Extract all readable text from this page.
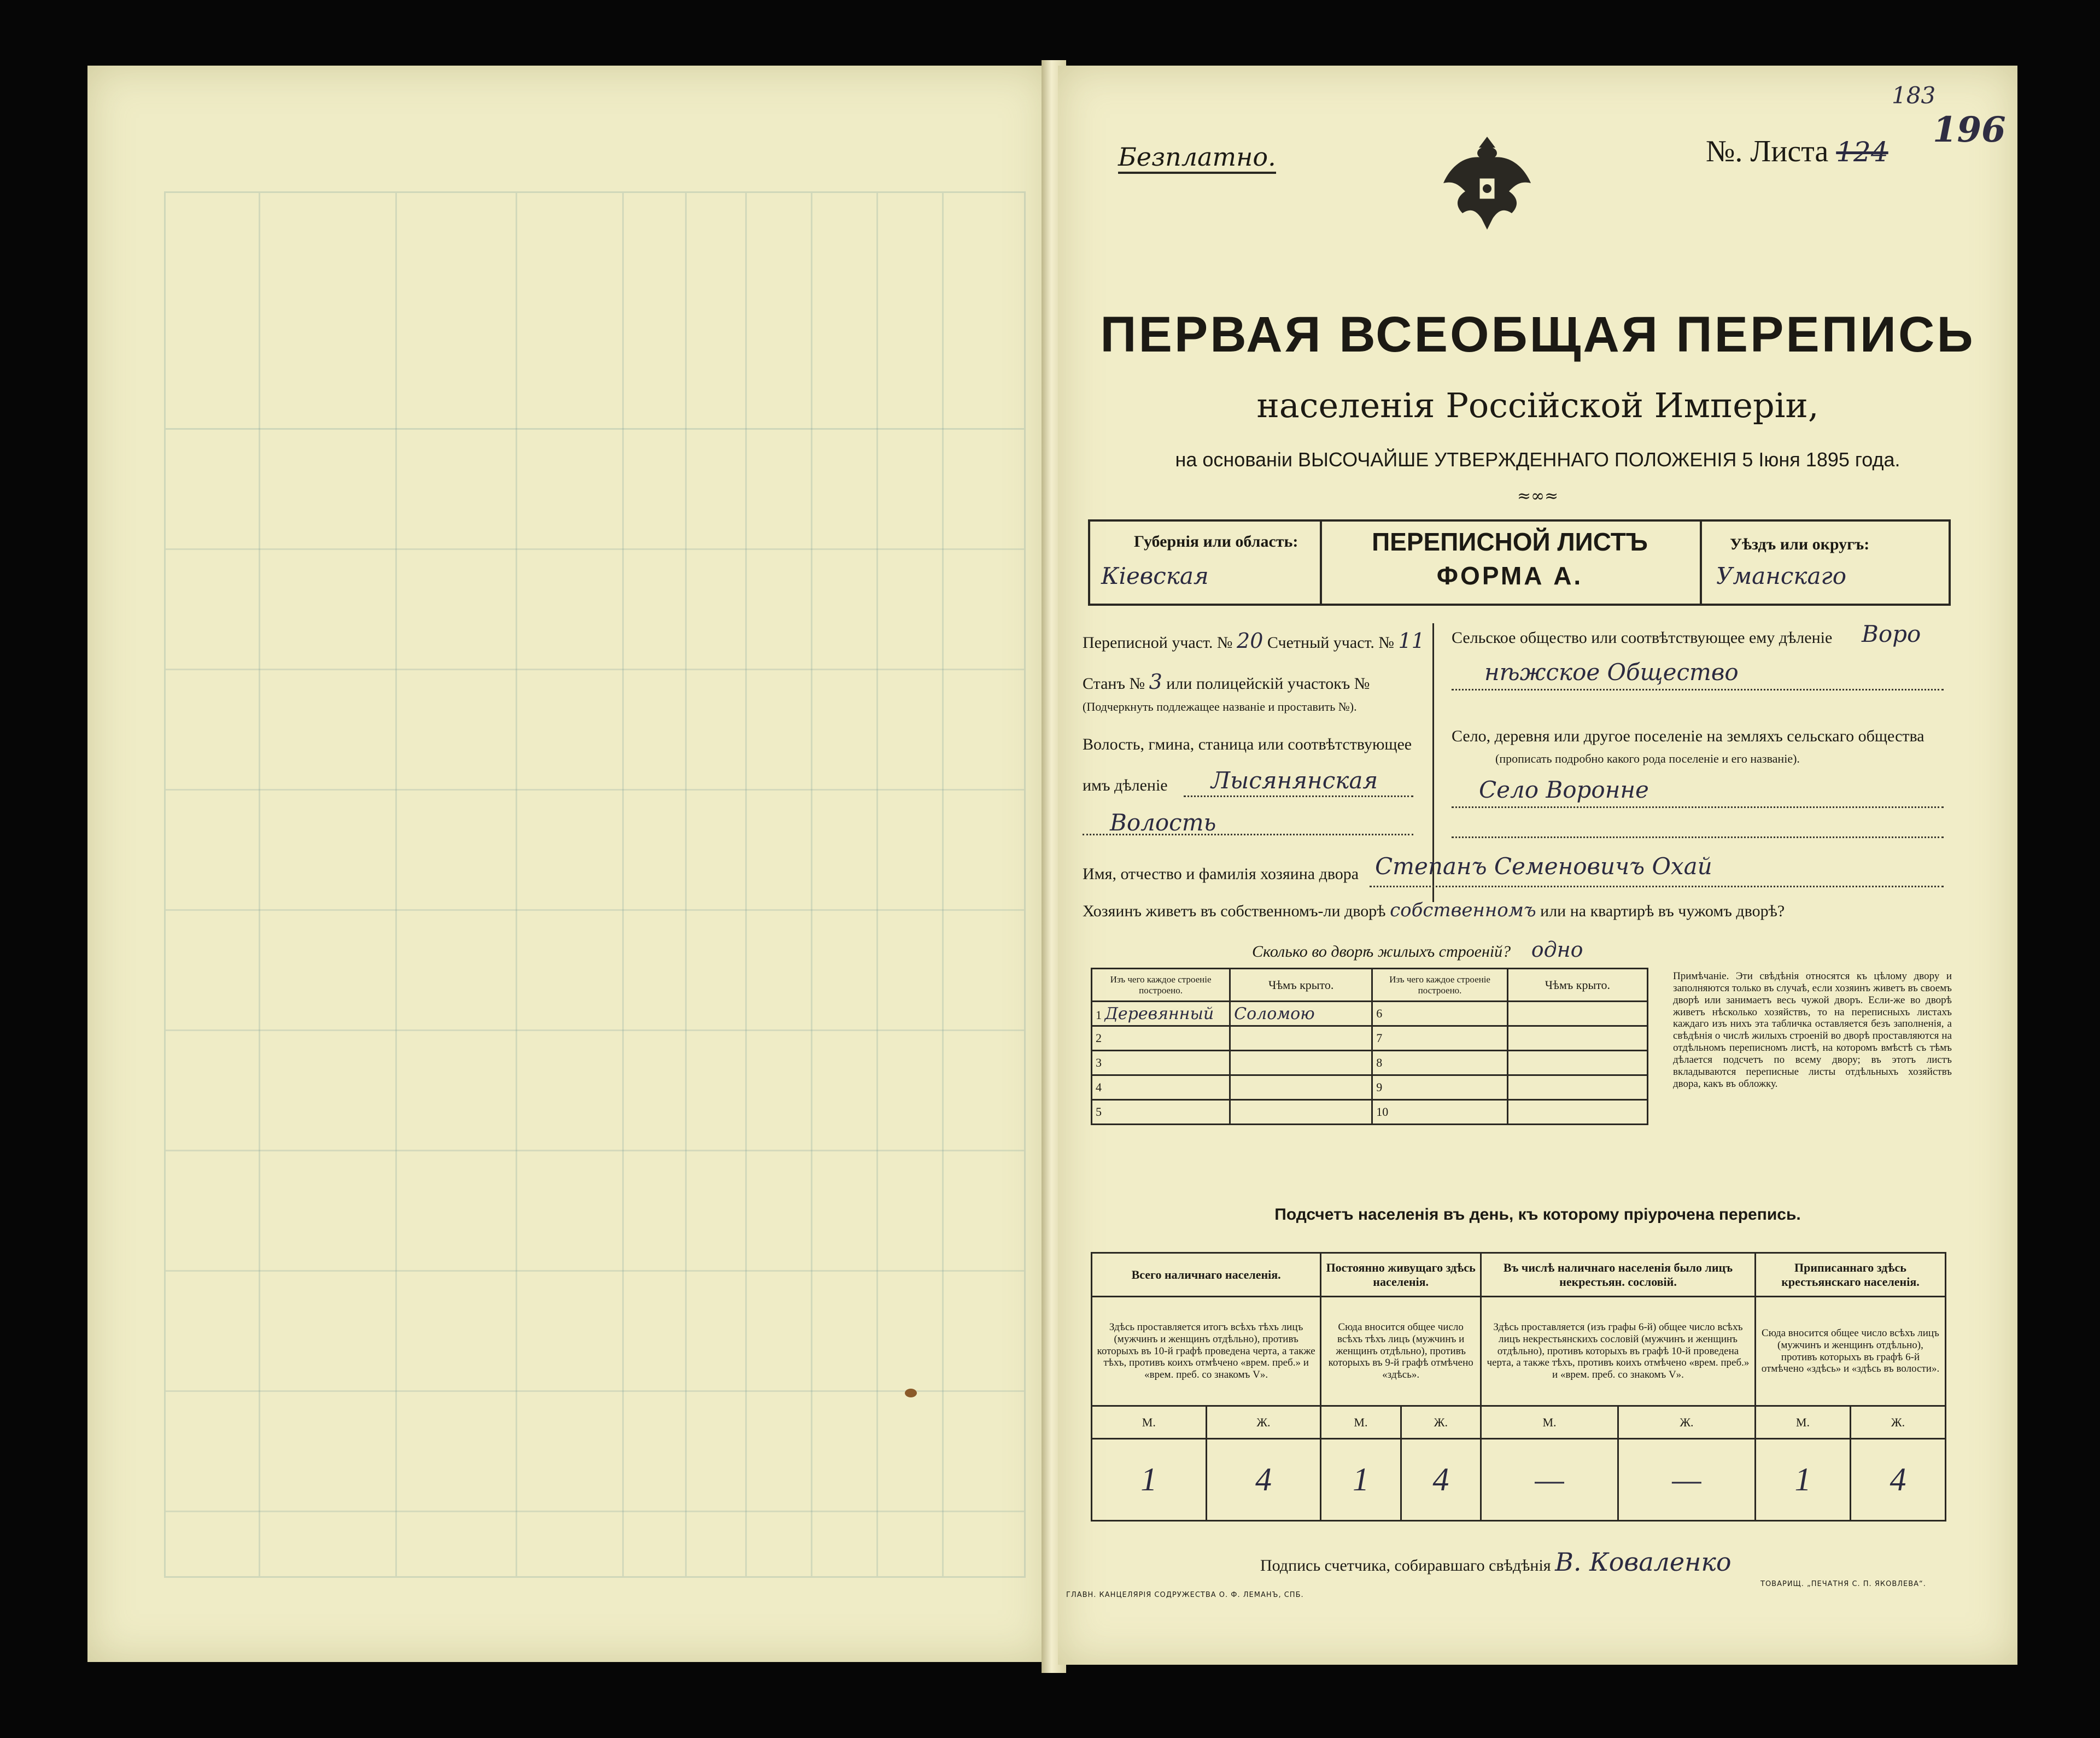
183
196
Безплатно.	№. Листа 124
ПЕРВАЯ ВСЕОБЩАЯ ПЕРЕПИСЬ
населенія Россійской Имперіи,
на основаніи ВЫСОЧАЙШЕ УТВЕРЖДЕННАГО ПОЛОЖЕНІЯ 5 Іюня 1895 года.
≈∞≈
Губернія или область:
Кіевская
ПЕРЕПИСНОЙ ЛИСТЪ
ФОРМА А.
Уѣздъ или округъ:
Уманскаго
Переписной участ. № 20 Счетный участ. № 11
Станъ № 3 или полицейскій участокъ №
(Подчеркнуть подлежащее названіе и проставить №).
Волость, гмина, станица или соотвѣтствующее
имъ дѣленіе Лысянянская
Волость
Сельское общество или соотвѣтствующее ему дѣленіе Воро
нѣжское Общество
Село, деревня или другое поселеніе на земляхъ сельскаго общества
(прописать подробно какого рода поселеніе и его названіе).
Село Воронне
Имя, отчество и фамилія хозяина двора Степанъ Семеновичъ Охай
Хозяинъ живетъ въ собственномъ-ли дворѣ собственномъ или на квартирѣ въ чужомъ дворѣ?
Сколько во дворѣ жилыхъ строеній? одно
Изъ чего каждое строеніе построено.	Чѣмъ крыто.	Изъ чего каждое строеніе построено.	Чѣмъ крыто.
1 Деревянный	Соломою	6	
2		7	
3		8	
4		9	
5		10	
Примѣчаніе. Эти свѣдѣнія относятся къ цѣлому двору и заполняются только въ случаѣ, если хозяинъ живетъ въ своемъ дворѣ или занимаетъ весь чужой дворъ. Если-же во дворѣ живетъ нѣсколько хозяйствъ, то на переписныхъ листахъ каждаго изъ нихъ эта табличка оставляется безъ заполненія, а свѣдѣнія о числѣ жилыхъ строеній во дворѣ проставляются на отдѣльномъ переписномъ листѣ, на которомъ вмѣстѣ съ тѣмъ дѣлается подсчетъ по всему двору; въ этотъ листъ вкладываются переписные листы отдѣльныхъ хозяйствъ двора, какъ въ обложку.
Подсчетъ населенія въ день, къ которому пріурочена перепись.
Всего наличнаго населенія.		Постоянно живущаго здѣсь населенія.		Въ числѣ наличнаго населенія было лицъ некрестьян. сословій.		Приписаннаго здѣсь крестьянскаго населенія.	
Здѣсь проставляется итогъ всѣхъ тѣхъ лицъ (мужчинъ и женщинъ отдѣльно), противъ которыхъ въ 10-й графѣ проведена черта, а также тѣхъ, противъ коихъ отмѣчено «врем. преб.» и «врем. преб. со знакомъ V».		Сюда вносится общее число всѣхъ тѣхъ лицъ (мужчинъ и женщинъ отдѣльно), противъ которыхъ въ 9-й графѣ отмѣчено «здѣсь».		Здѣсь проставляется (изъ графы 6-й) общее число всѣхъ лицъ некрестьянскихъ сословій (мужчинъ и женщинъ отдѣльно), противъ которыхъ въ графѣ 10-й проведена черта, а также тѣхъ, противъ коихъ отмѣчено «врем. преб.» и «врем. преб. со знакомъ V».		Сюда вносится общее число всѣхъ лицъ (мужчинъ и женщинъ отдѣльно), противъ которыхъ въ графѣ 6-й отмѣчено «здѣсь» и «здѣсь въ волости».	
М.	Ж.	М.	Ж.	М.	Ж.	М.	Ж.
1	4	1	4	—	—	1	4
Подпись счетчика, собиравшаго свѣдѣнія В. Коваленко
ГЛАВН. КАНЦЕЛЯРІЯ СОДРУЖЕСТВА О. Ф. ЛЕМАНЪ, СПБ.
ТОВАРИЩ. „ПЕЧАТНЯ С. П. ЯКОВЛЕВА“.
